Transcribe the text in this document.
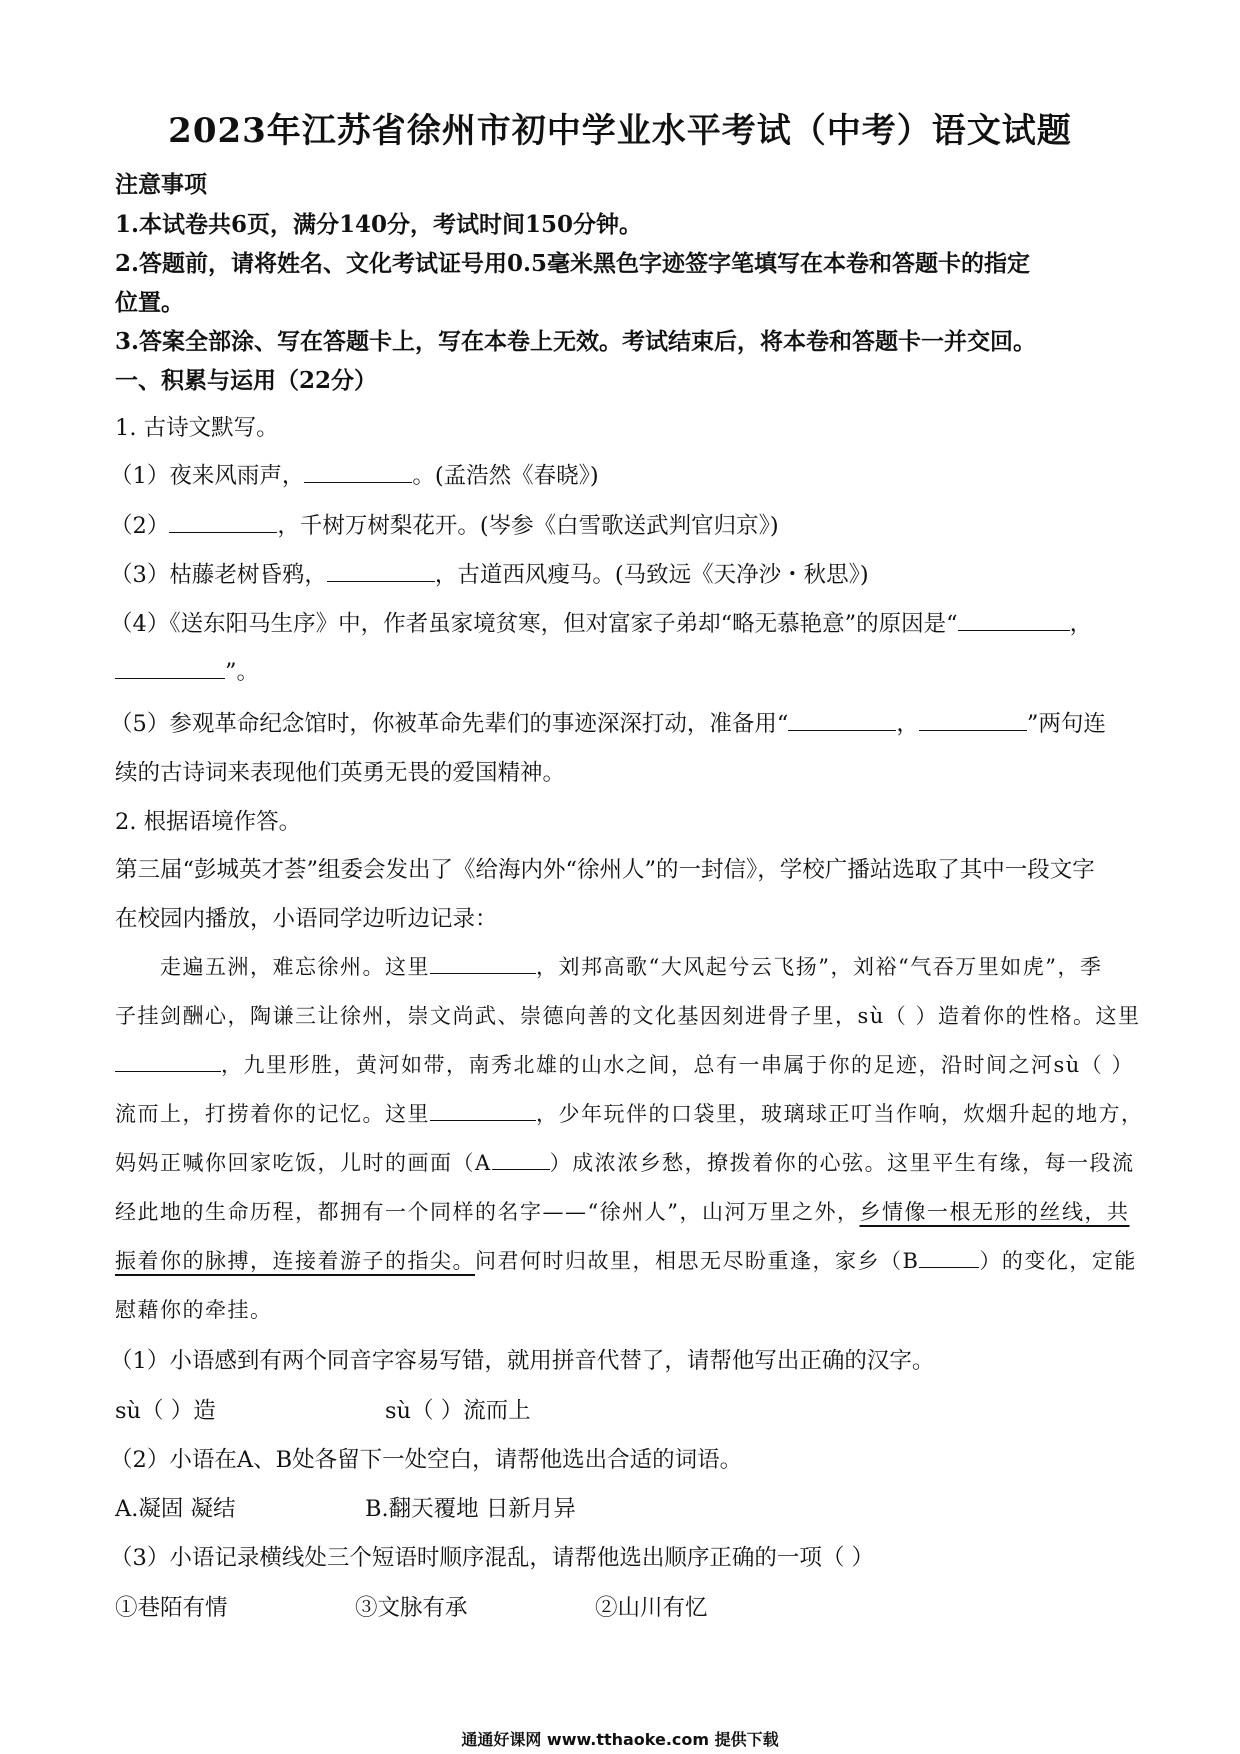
2023年江苏省徐州市初中学业水平考试（中考）语文试题
注意事项
1.本试卷共6页，满分140分，考试时间150分钟。
2.答题前，请将姓名、文化考试证号用0.5毫米黑色字迹签字笔填写在本卷和答题卡的指定
位置。
3.答案全部涂、写在答题卡上，写在本卷上无效。考试结束后，将本卷和答题卡一并交回。
一、积累与运用（22分）
1. 古诗文默写。
（1）夜来风雨声，	。(孟浩然《春晓》)
（2）	，千树万树梨花开。(岑参《白雪歌送武判官归京》)
（3）枯藤老树昏鸦，	，古道西风瘦马。(马致远《天净沙・秋思》)
（4）《送东阳马生序》中，作者虽家境贫寒，但对富家子弟却“略无慕艳意”的原因是“	，
”。
（5）参观革命纪念馆时，你被革命先辈们的事迹深深打动，准备用“	，	”两句连
续的古诗词来表现他们英勇无畏的爱国精神。
2. 根据语境作答。
第三届“彭城英才荟”组委会发出了《给海内外“徐州人”的一封信》，学校广播站选取了其中一段文字
在校园内播放，小语同学边听边记录：
走遍五洲，难忘徐州。这里	，刘邦高歌“大风起兮云飞扬”，刘裕“气吞万里如虎”，季
子挂剑酬心，陶谦三让徐州，崇文尚武、崇德向善的文化基因刻进骨子里，sù（ ）造着你的性格。这里
，九里形胜，黄河如带，南秀北雄的山水之间，总有一串属于你的足迹，沿时间之河sù（ ）
流而上，打捞着你的记忆。这里	，少年玩伴的口袋里，玻璃球正叮当作响，炊烟升起的地方，
妈妈正喊你回家吃饭，儿时的画面（A	）成浓浓乡愁，撩拨着你的心弦。这里平生有缘，每一段流
经此地的生命历程，都拥有一个同样的名字——“徐州人”，山河万里之外，乡情像一根无形的丝线，共
振着你的脉搏，连接着游子的指尖。问君何时归故里，相思无尽盼重逢，家乡（B	）的变化，定能
慰藉你的牵挂。
（1）小语感到有两个同音字容易写错，就用拼音代替了，请帮他写出正确的汉字。
sù（ ）造	sù（ ）流而上
（2）小语在A、B处各留下一处空白，请帮他选出合适的词语。
A.凝固 凝结	B.翻天覆地 日新月异
（3）小语记录横线处三个短语时顺序混乱，请帮他选出顺序正确的一项（ ）
①巷陌有情	③文脉有承	②山川有忆
通通好课网 www.tthaoke.com 提供下载
